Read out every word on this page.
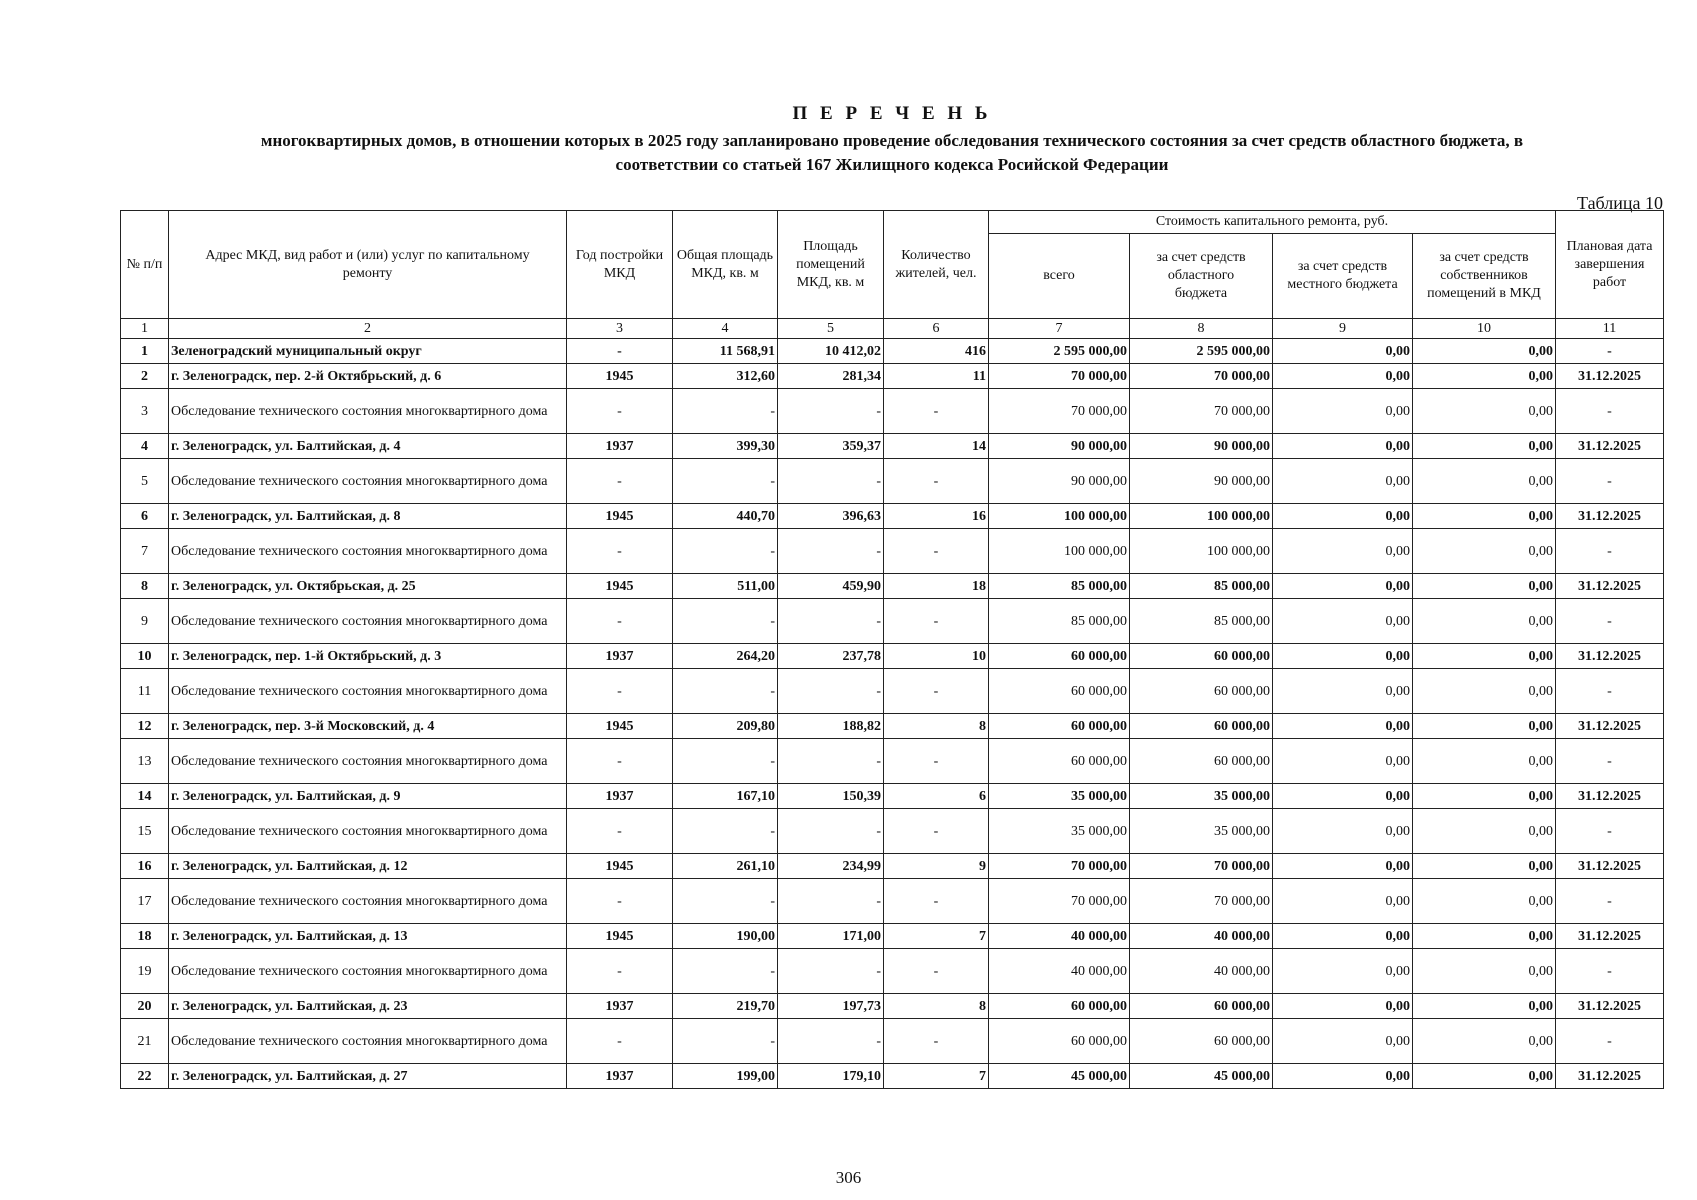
П Е Р Е Ч Е Н Ь
многоквартирных домов, в отношении которых в 2025 году запланировано проведение обследования технического состояния за счет средств областного бюджета, в
соответствии со статьей 167 Жилищного кодекса Росийской Федерации
Таблица 10
№ п/п	Адрес МКД, вид работ и (или) услуг по капитальному ремонту	Год постройки МКД	Общая площадь МКД, кв. м	Площадь помещений МКД, кв. м	Количество жителей, чел.	Стоимость капитального ремонта, руб.				Плановая дата завершения работ
						всего	за счет средств областного бюджета	за счет средств местного бюджета	за счет средств собственников помещений в МКД	
1	2	3	4	5	6	7	8	9	10	11
1	Зеленоградский муниципальный округ	-	11 568,91	10 412,02	416	2 595 000,00	2 595 000,00	0,00	0,00	-
2	г. Зеленоградск, пер. 2-й Октябрьский, д. 6	1945	312,60	281,34	11	70 000,00	70 000,00	0,00	0,00	31.12.2025
3	Обследование технического состояния многоквартирного дома	-	-	-	-	70 000,00	70 000,00	0,00	0,00	-
4	г. Зеленоградск, ул. Балтийская, д. 4	1937	399,30	359,37	14	90 000,00	90 000,00	0,00	0,00	31.12.2025
5	Обследование технического состояния многоквартирного дома	-	-	-	-	90 000,00	90 000,00	0,00	0,00	-
6	г. Зеленоградск, ул. Балтийская, д. 8	1945	440,70	396,63	16	100 000,00	100 000,00	0,00	0,00	31.12.2025
7	Обследование технического состояния многоквартирного дома	-	-	-	-	100 000,00	100 000,00	0,00	0,00	-
8	г. Зеленоградск, ул. Октябрьская, д. 25	1945	511,00	459,90	18	85 000,00	85 000,00	0,00	0,00	31.12.2025
9	Обследование технического состояния многоквартирного дома	-	-	-	-	85 000,00	85 000,00	0,00	0,00	-
10	г. Зеленоградск, пер. 1-й Октябрьский, д. 3	1937	264,20	237,78	10	60 000,00	60 000,00	0,00	0,00	31.12.2025
11	Обследование технического состояния многоквартирного дома	-	-	-	-	60 000,00	60 000,00	0,00	0,00	-
12	г. Зеленоградск, пер. 3-й Московский, д. 4	1945	209,80	188,82	8	60 000,00	60 000,00	0,00	0,00	31.12.2025
13	Обследование технического состояния многоквартирного дома	-	-	-	-	60 000,00	60 000,00	0,00	0,00	-
14	г. Зеленоградск, ул. Балтийская, д. 9	1937	167,10	150,39	6	35 000,00	35 000,00	0,00	0,00	31.12.2025
15	Обследование технического состояния многоквартирного дома	-	-	-	-	35 000,00	35 000,00	0,00	0,00	-
16	г. Зеленоградск, ул. Балтийская, д. 12	1945	261,10	234,99	9	70 000,00	70 000,00	0,00	0,00	31.12.2025
17	Обследование технического состояния многоквартирного дома	-	-	-	-	70 000,00	70 000,00	0,00	0,00	-
18	г. Зеленоградск, ул. Балтийская, д. 13	1945	190,00	171,00	7	40 000,00	40 000,00	0,00	0,00	31.12.2025
19	Обследование технического состояния многоквартирного дома	-	-	-	-	40 000,00	40 000,00	0,00	0,00	-
20	г. Зеленоградск, ул. Балтийская, д. 23	1937	219,70	197,73	8	60 000,00	60 000,00	0,00	0,00	31.12.2025
21	Обследование технического состояния многоквартирного дома	-	-	-	-	60 000,00	60 000,00	0,00	0,00	-
22	г. Зеленоградск, ул. Балтийская, д. 27	1937	199,00	179,10	7	45 000,00	45 000,00	0,00	0,00	31.12.2025
306
